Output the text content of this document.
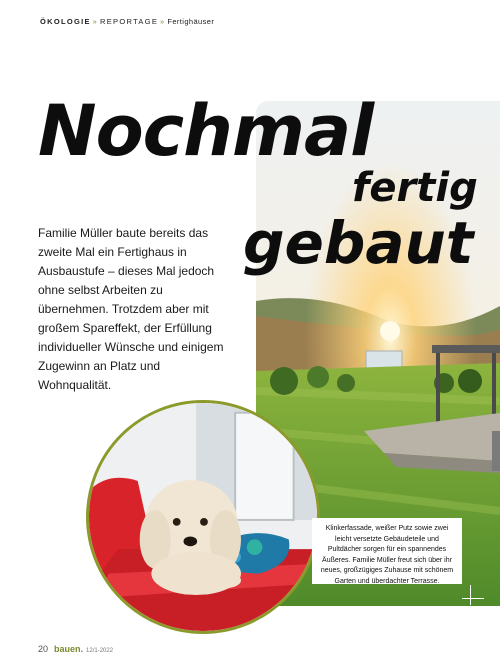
ÖKOLOGIE » REPORTAGE » Fertighäuser
Nochmal
fertig
gebaut

Familie Müller baute bereits das zweite Mal ein Fertighaus in Ausbaustufe – dieses Mal jedoch ohne selbst Arbeiten zu übernehmen. Trotzdem aber mit großem Spareffekt, der Erfüllung individueller Wünsche und einigem Zugewinn an Platz und Wohnqualität.

Klinkerfassade, weißer Putz sowie zwei leicht versetzte Gebäudeteile und Pultdächer sorgen für ein spannendes Äußeres. Familie Müller freut sich über ihr neues, großzügiges Zuhause mit schönem Garten und überdachter Terrasse.
20 bauen. 12/1-2022
